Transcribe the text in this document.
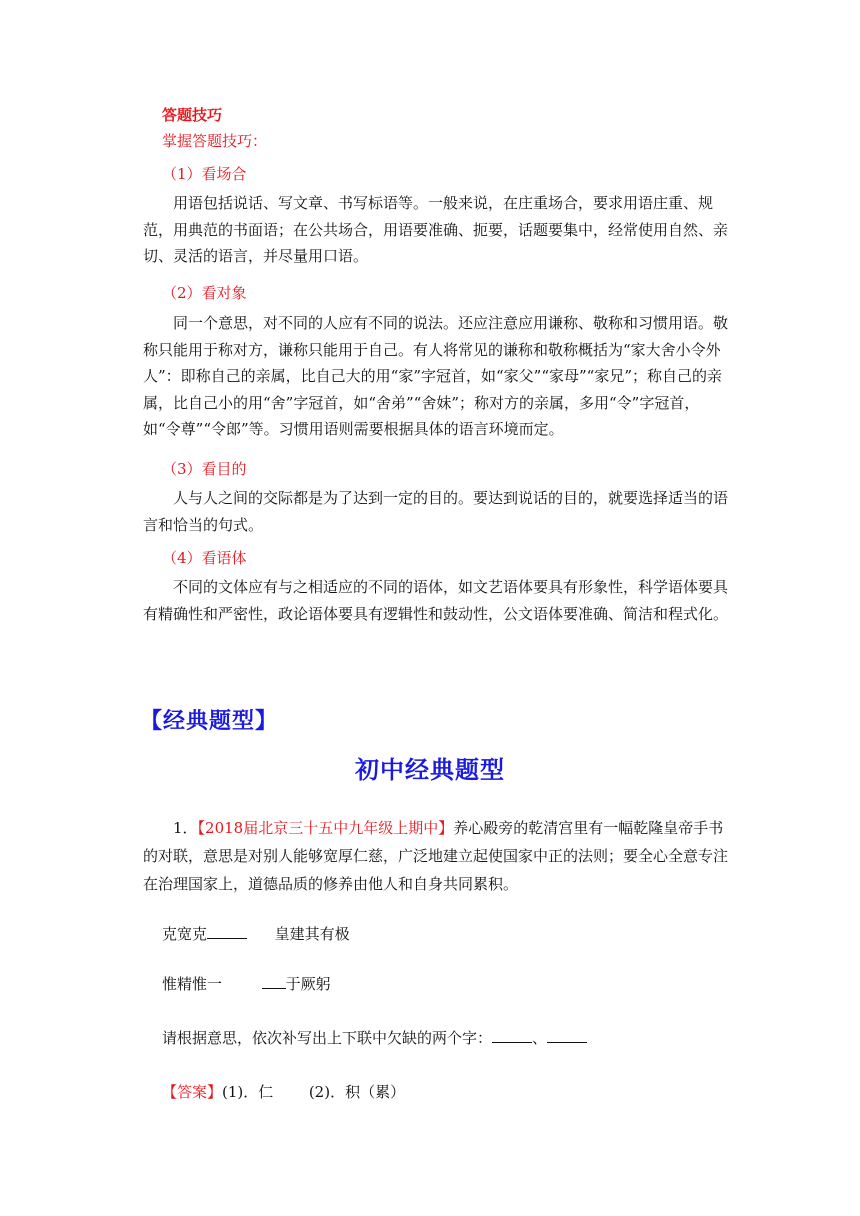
答题技巧
掌握答题技巧：
（1）看场合
用语包括说话、写文章、书写标语等。一般来说，在庄重场合，要求用语庄重、规范，用典范的书面语；在公共场合，用语要准确、扼要，话题要集中，经常使用自然、亲切、灵活的语言，并尽量用口语。
（2）看对象
同一个意思，对不同的人应有不同的说法。还应注意应用谦称、敬称和习惯用语。敬称只能用于称对方，谦称只能用于自己。有人将常见的谦称和敬称概括为“家大舍小令外人”：即称自己的亲属，比自己大的用“家”字冠首，如“家父”“家母”“家兄”；称自己的亲属，比自己小的用“舍”字冠首，如“舍弟”“舍妹”；称对方的亲属，多用“令”字冠首，如“令尊”“令郎”等。习惯用语则需要根据具体的语言环境而定。
（3）看目的
人与人之间的交际都是为了达到一定的目的。要达到说话的目的，就要选择适当的语言和恰当的句式。
（4）看语体
不同的文体应有与之相适应的不同的语体，如文艺语体要具有形象性，科学语体要具有精确性和严密性，政论语体要具有逻辑性和鼓动性，公文语体要准确、简洁和程式化。
【经典题型】
初中经典题型
1．【2018届北京三十五中九年级上期中】养心殿旁的乾清宫里有一幅乾隆皇帝手书的对联，意思是对别人能够宽厚仁慈，广泛地建立起使国家中正的法则；要全心全意专注在治理国家上，道德品质的修养由他人和自身共同累积。
克宽克	皇建其有极
惟精惟一	于厥躬
请根据意思，依次补写出上下联中欠缺的两个字：	、
【答案】(1)．仁 (2)．积（累）
